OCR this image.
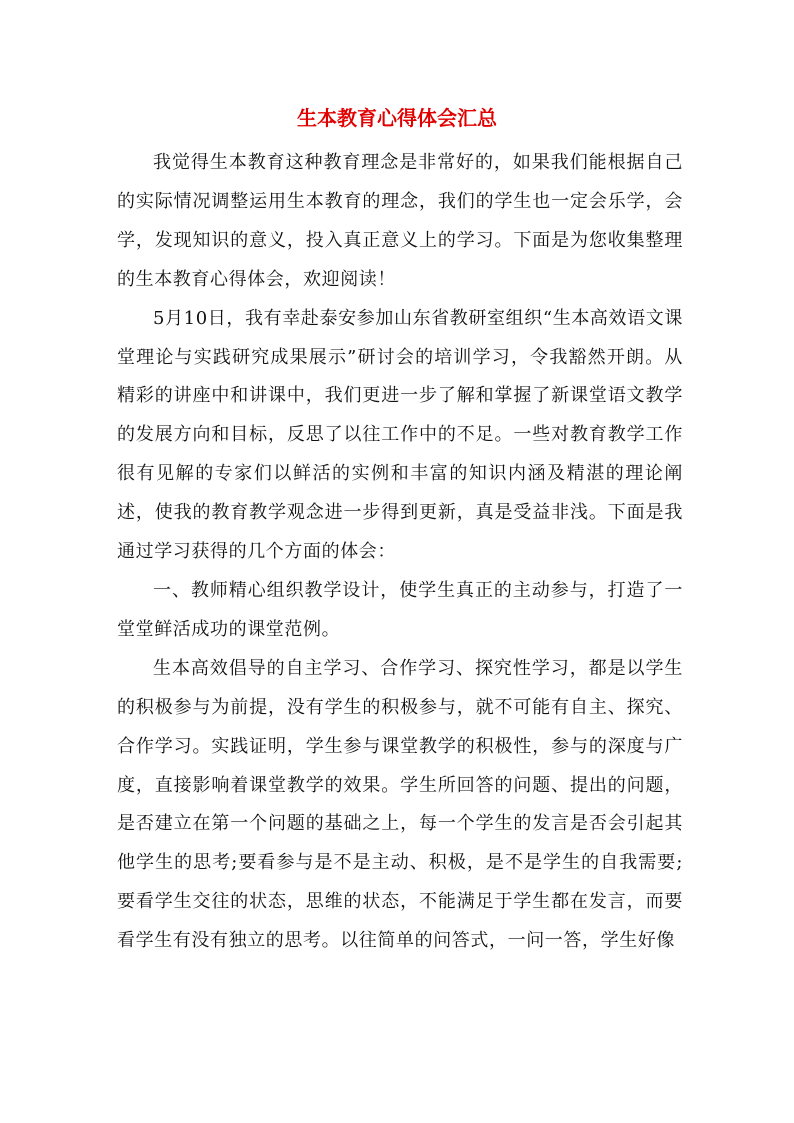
生本教育心得体会汇总

我觉得生本教育这种教育理念是非常好的，如果我们能根据自己的实际情况调整运用生本教育的理念，我们的学生也一定会乐学，会学，发现知识的意义，投入真正意义上的学习。下面是为您收集整理的生本教育心得体会，欢迎阅读！

5月10日，我有幸赴泰安参加山东省教研室组织“生本高效语文课堂理论与实践研究成果展示”研讨会的培训学习，令我豁然开朗。从精彩的讲座中和讲课中，我们更进一步了解和掌握了新课堂语文教学的发展方向和目标，反思了以往工作中的不足。一些对教育教学工作很有见解的专家们以鲜活的实例和丰富的知识内涵及精湛的理论阐述，使我的教育教学观念进一步得到更新，真是受益非浅。下面是我通过学习获得的几个方面的体会：

一、教师精心组织教学设计，使学生真正的主动参与，打造了一堂堂鲜活成功的课堂范例。

生本高效倡导的自主学习、合作学习、探究性学习，都是以学生的积极参与为前提，没有学生的积极参与，就不可能有自主、探究、合作学习。实践证明，学生参与课堂教学的积极性，参与的深度与广度，直接影响着课堂教学的效果。学生所回答的问题、提出的问题，是否建立在第一个问题的基础之上，每一个学生的发言是否会引起其他学生的思考;要看参与是不是主动、积极，是不是学生的自我需要;要看学生交往的状态，思维的状态，不能满足于学生都在发言，而要看学生有没有独立的思考。以往简单的问答式，一问一答，学生好像
